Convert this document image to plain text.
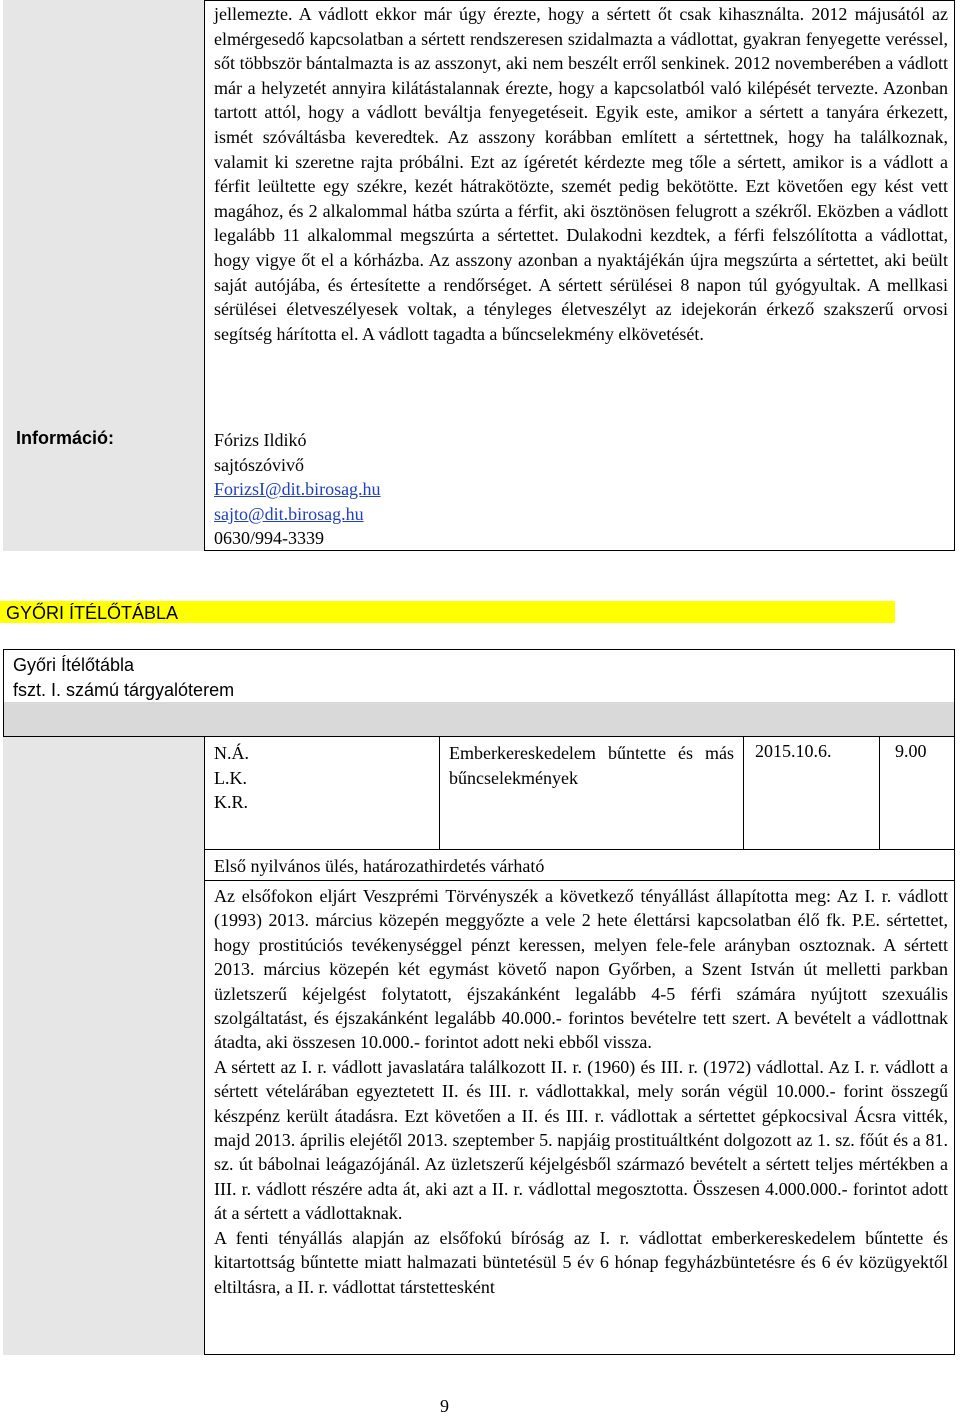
Információ:
jellemezte. A vádlott ekkor már úgy érezte, hogy a sértett őt csak kihasználta. 2012 májusától az elmérgesedő kapcsolatban a sértett rendszeresen szidalmazta a vádlottat, gyakran fenyegette veréssel, sőt többször bántalmazta is az asszonyt, aki nem beszélt erről senkinek. 2012 novemberében a vádlott már a helyzetét annyira kilátástalannak érezte, hogy a kapcsolatból való kilépését tervezte. Azonban tartott attól, hogy a vádlott beváltja fenyegetéseit. Egyik este, amikor a sértett a tanyára érkezett, ismét szóváltásba keveredtek. Az asszony korábban említett a sértettnek, hogy ha találkoznak, valamit ki szeretne rajta próbálni. Ezt az ígéretét kérdezte meg tőle a sértett, amikor is a vádlott a férfit leültette egy székre, kezét hátrakötözte, szemét pedig bekötötte. Ezt követően egy kést vett magához, és 2 alkalommal hátba szúrta a férfit, aki ösztönösen felugrott a székről. Eközben a vádlott legalább 11 alkalommal megszúrta a sértettet. Dulakodni kezdtek, a férfi felszólította a vádlottat, hogy vigye őt el a kórházba. Az asszony azonban a nyaktájékán újra megszúrta a sértettet, aki beült saját autójába, és értesítette a rendőrséget. A sértett sérülései 8 napon túl gyógyultak. A mellkasi sérülései életveszélyesek voltak, a tényleges életveszélyt az idejekorán érkező szakszerű orvosi segítség hárította el. A vádlott tagadta a bűncselekmény elkövetését.
Fórizs Ildikó
sajtószóvivő
ForizsI@dit.birosag.hu
sajto@dit.birosag.hu
0630/994-3339
GYŐRI ÍTÉLŐTÁBLA
Győri Ítélőtábla
fszt. I. számú tárgyalóterem
N.Á.
L.K.
K.R.
Emberkereskedelem bűntette és más bűncselekmények
2015.10.6.	9.00
Első nyilvános ülés, határozathirdetés várható

Az elsőfokon eljárt Veszprémi Törvényszék a következő tényállást állapította meg: Az I. r. vádlott (1993) 2013. március közepén meggyőzte a vele 2 hete élettársi kapcsolatban élő fk. P.E. sértettet, hogy prostitúciós tevékenységgel pénzt keressen, melyen fele-fele arányban osztoznak. A sértett 2013. március közepén két egymást követő napon Győrben, a Szent István út melletti parkban üzletszerű kéjelgést folytatott, éjszakánként legalább 4-5 férfi számára nyújtott szexuális szolgáltatást, és éjszakánként legalább 40.000.- forintos bevételre tett szert. A bevételt a vádlottnak átadta, aki összesen 10.000.- forintot adott neki ebből vissza.

A sértett az I. r. vádlott javaslatára találkozott II. r. (1960) és III. r. (1972) vádlottal. Az I. r. vádlott a sértett vételárában egyeztetett II. és III. r. vádlottakkal, mely során végül 10.000.- forint összegű készpénz került átadásra. Ezt követően a II. és III. r. vádlottak a sértettet gépkocsival Ácsra vitték, majd 2013. április elejétől 2013. szeptember 5. napjáig prostituáltként dolgozott az 1. sz. főút és a 81. sz. út bábolnai leágazójánál. Az üzletszerű kéjelgésből származó bevételt a sértett teljes mértékben a III. r. vádlott részére adta át, aki azt a II. r. vádlottal megosztotta. Összesen 4.000.000.- forintot adott át a sértett a vádlottaknak.

A fenti tényállás alapján az elsőfokú bíróság az I. r. vádlottat emberkereskedelem bűntette és kitartottság bűntette miatt halmazati büntetésül 5 év 6 hónap fegyházbüntetésre és 6 év közügyektől eltiltásra, a II. r. vádlottat társtettesként

9
